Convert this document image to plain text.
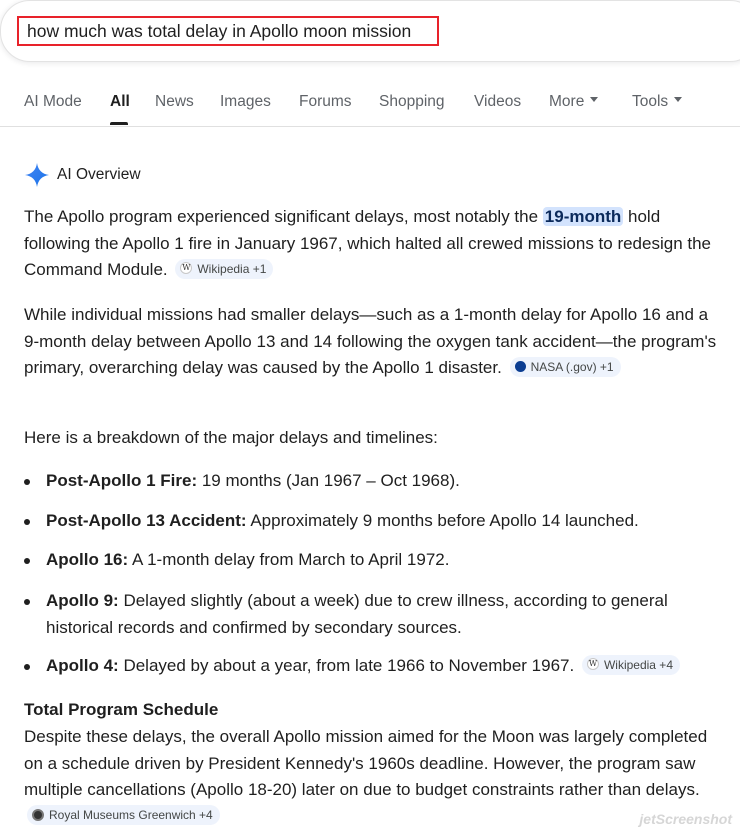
how much was total delay in Apollo moon mission
AI Mode All News Images Forums Shopping Videos More	Tools
AI Overview
The Apollo program experienced significant delays, most notably the 19-month hold following the Apollo 1 fire in January 1967, which halted all crewed missions to redesign the Command Module. W Wikipedia +1
While individual missions had smaller delays—such as a 1-month delay for Apollo 16 and a 9-month delay between Apollo 13 and 14 following the oxygen tank accident—the program's primary, overarching delay was caused by the Apollo 1 disaster. NASA (.gov) +1
Here is a breakdown of the major delays and timelines:
Post-Apollo 1 Fire: 19 months (Jan 1967 – Oct 1968).
Post-Apollo 13 Accident: Approximately 9 months before Apollo 14 launched.
Apollo 16: A 1-month delay from March to April 1972.
Apollo 9: Delayed slightly (about a week) due to crew illness, according to general historical records and confirmed by secondary sources.
Apollo 4: Delayed by about a year, from late 1966 to November 1967. W Wikipedia +4
Total Program Schedule
Despite these delays, the overall Apollo mission aimed for the Moon was largely completed on a schedule driven by President Kennedy's 1960s deadline. However, the program saw multiple cancellations (Apollo 18-20) later on due to budget constraints rather than delays. Royal Museums Greenwich +4	jetScreenshot
